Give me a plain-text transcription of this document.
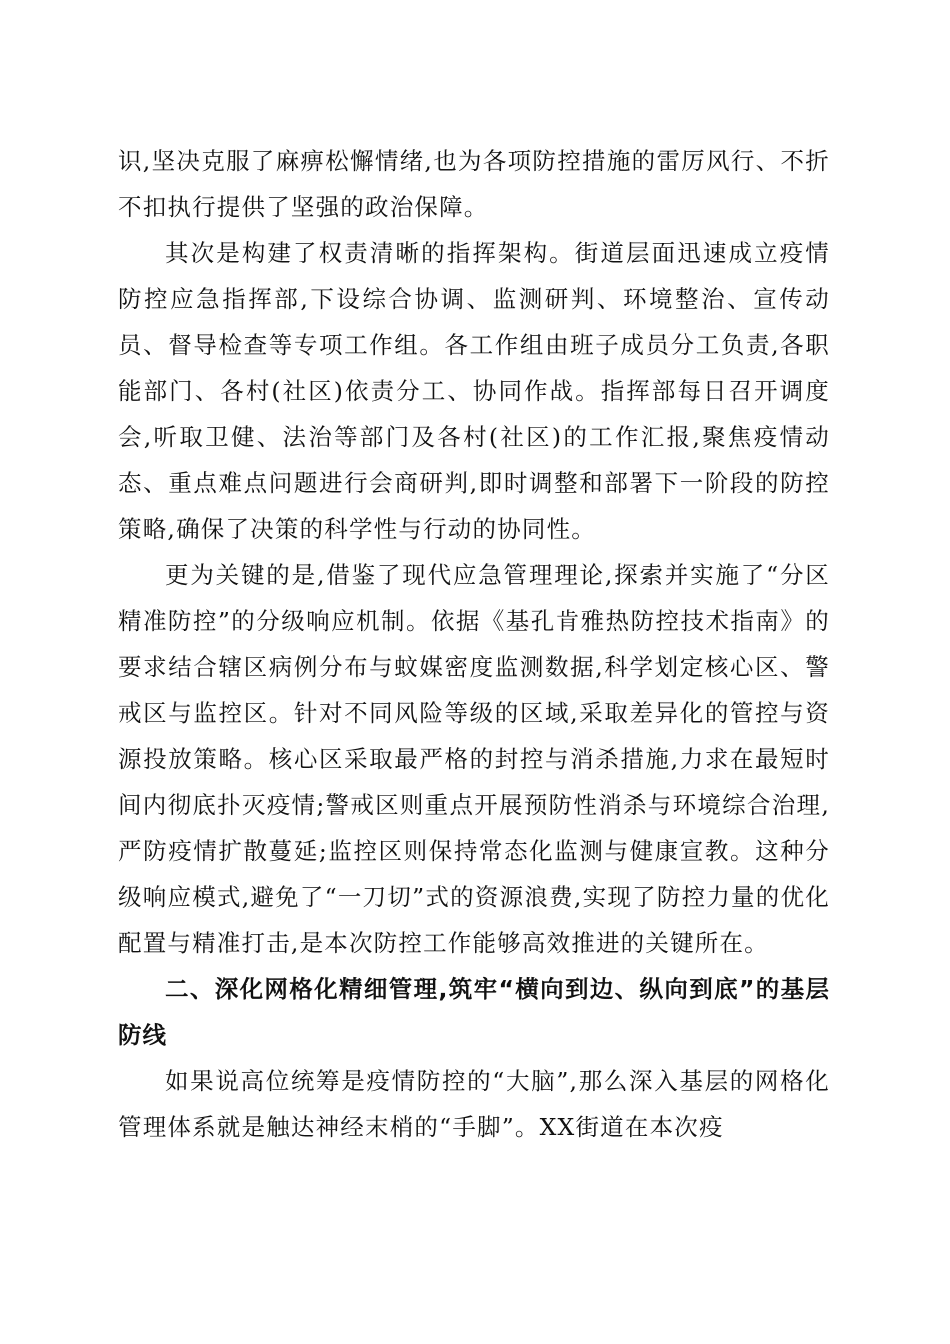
识,坚决克服了麻痹松懈情绪,也为各项防控措施的雷厉风行、不折不扣执行提供了坚强的政治保障。

其次是构建了权责清晰的指挥架构。街道层面迅速成立疫情防控应急指挥部,下设综合协调、监测研判、环境整治、宣传动员、督导检查等专项工作组。各工作组由班子成员分工负责,各职能部门、各村(社区)依责分工、协同作战。指挥部每日召开调度会,听取卫健、法治等部门及各村(社区)的工作汇报,聚焦疫情动态、重点难点问题进行会商研判,即时调整和部署下一阶段的防控策略,确保了决策的科学性与行动的协同性。

更为关键的是,借鉴了现代应急管理理论,探索并实施了“分区精准防控”的分级响应机制。依据《基孔肯雅热防控技术指南》的要求结合辖区病例分布与蚊媒密度监测数据,科学划定核心区、警戒区与监控区。针对不同风险等级的区域,采取差异化的管控与资源投放策略。核心区采取最严格的封控与消杀措施,力求在最短时间内彻底扑灭疫情;警戒区则重点开展预防性消杀与环境综合治理,严防疫情扩散蔓延;监控区则保持常态化监测与健康宣教。这种分级响应模式,避免了“一刀切”式的资源浪费,实现了防控力量的优化配置与精准打击,是本次防控工作能够高效推进的关键所在。

二、深化网格化精细管理,筑牢“横向到边、纵向到底”的基层防线

如果说高位统筹是疫情防控的“大脑”,那么深入基层的网格化管理体系就是触达神经末梢的“手脚”。XX街道在本次疫
